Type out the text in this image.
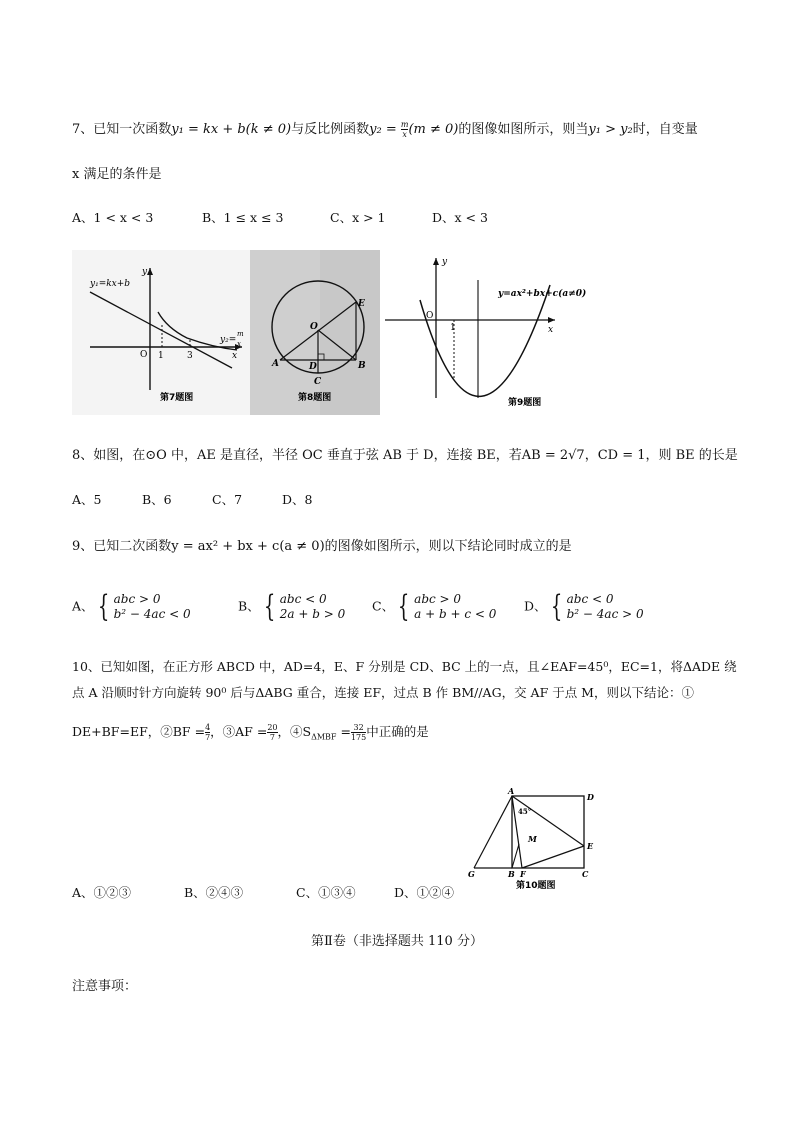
7、已知一次函数y₁ = kx + b(k ≠ 0)与反比例函数$y_2 = \frac{m}{x} (m \ne 0)$的图像如图所示，则当y₁ > y₂时，自变量
x 满足的条件是
A、1 < x < 3	B、1 ≤ x ≤ 3	C、x > 1	D、x < 3
y₁=kx+b
y
x
O 1	3
y₂=
m
x
第7题图
O
A	B
C
D
E
第8题图
y
x
O
1
y=ax²+bx+c(a≠0)
第9题图
8、如图，在⊙O 中，AE 是直径，半径 OC 垂直于弦 AB 于 D，连接 BE，若AB = 2√7，CD = 1，则 BE 的长是
A、5	B、6	C、7	D、8
9、已知二次函数y = ax² + bx + c(a ≠ 0)的图像如图所示，则以下结论同时成立的是
A、 { abc > 0
b² − 4ac < 0
B、 { abc < 0
2a + b > 0
C、 { abc > 0
a + b + c < 0
D、 { abc < 0
b² − 4ac > 0
10、已知如图，在正方形 ABCD 中，AD=4，E、F 分别是 CD、BC 上的一点，且∠EAF=45⁰，EC=1，将ΔADE 绕
点 A 沿顺时针方向旋转 90⁰ 后与ΔABG 重合，连接 EF，过点 B 作 BM//AG，交 AF 于点 M，则以下结论：①
DE+BF=EF，②BF = $\frac{4}{7}$ ，③AF = $\frac{20}{7}$ ，$④S_{\Delta MBF} = \frac{32}{175}$ 中正确的是
A
D
E
C
F
B
G
M
45°
第10题图
A、①②③	B、②④③	C、①③④	D、①②④
第Ⅱ卷（非选择题共 110 分）
注意事项：
